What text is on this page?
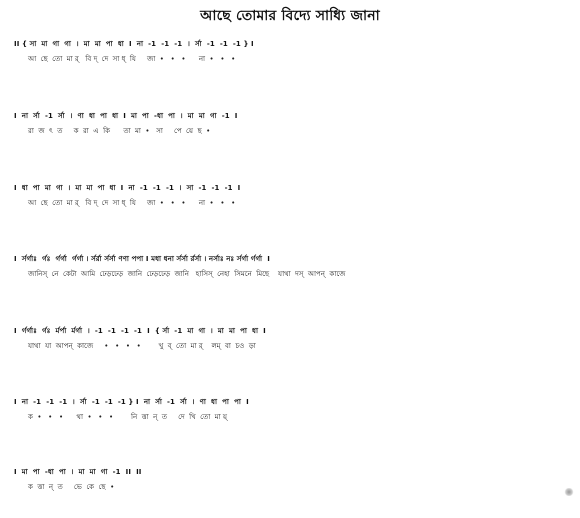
আছে তোমার বিদ্যে সাধ্যি জানা
II { সা  মা  গা  গা  ।  মা  মা  পা  ধা  I  না  -1  -1  -1  ।  র্সা  -1  -1  -1 } I
আ  ছে  তো  মা র্   বি দ্  দে  সা ধ্  যি     জা  •   •   •      না  •   •   •
I  না  র্সা  -1  র্সা  ।  ণা  ধা  পা  ধা  I  মা  পা  -ধা  পা  ।  মা  মা  গা  -1  I
রা  জ  ৎ  ত     ক  রা  এ  কি      তা  মা  •   সা     পে  য়ে  ছ  •
I  ধা  পা  মা  গা  ।  মা  মা  পা  ধা  I  না  -1  -1  -1  ।  সা  -1  -1  -1  I
আ  ছে  তো  মা র্   বি দ্  দে  সা ধ্  যি     জা  •   •   •      না  •   •   •
I  র্সর্গাঃ  র্গঃ  র্গর্গা  র্গর্গা । র্সর্রা র্সর্সা ণণা পপা I মধা ধনা র্সর্সা র্রর্সা । নর্সাঃ নঃ র্সর্গা র্গর্গা  I
জানিস্  নে  কেটা  আমি  ঢেড়ঢেড়  জানি  ঢেড়ঢেড়  জানি   হাসিস্  নেহা  সিমনে  মিছে    যাথা  দস্  আপন্  কাজে
I  র্গর্গাঃ  র্গঃ  র্মর্পা  র্মর্গা  ।  -1  -1  -1  -1  I  { র্সা  -1  মা  গা  ।  মা  মা  পা  ধা  I
যাথা  যা  আপন্  কাজে     •   •   •   •        খু  ব্  তো  মা র্    লম্  বা  চও  ড়া
I  না  -1  -1  -1  ।  র্সা  -1  -1  -1 } I  না  র্সা  -1  র্সা  ।  ণা  ধা  পা  পা  I
ক  •   •   •      থা  •   •   •        নি  ত্তা  ন্  ত     দে  খি  তো  মা য়্
I  মা  পা  -ধা  পা  ।  মা  মা  গা  -1  II  II
ক  ত্তা  ন্  ত     ভে  কে  ছে  •
